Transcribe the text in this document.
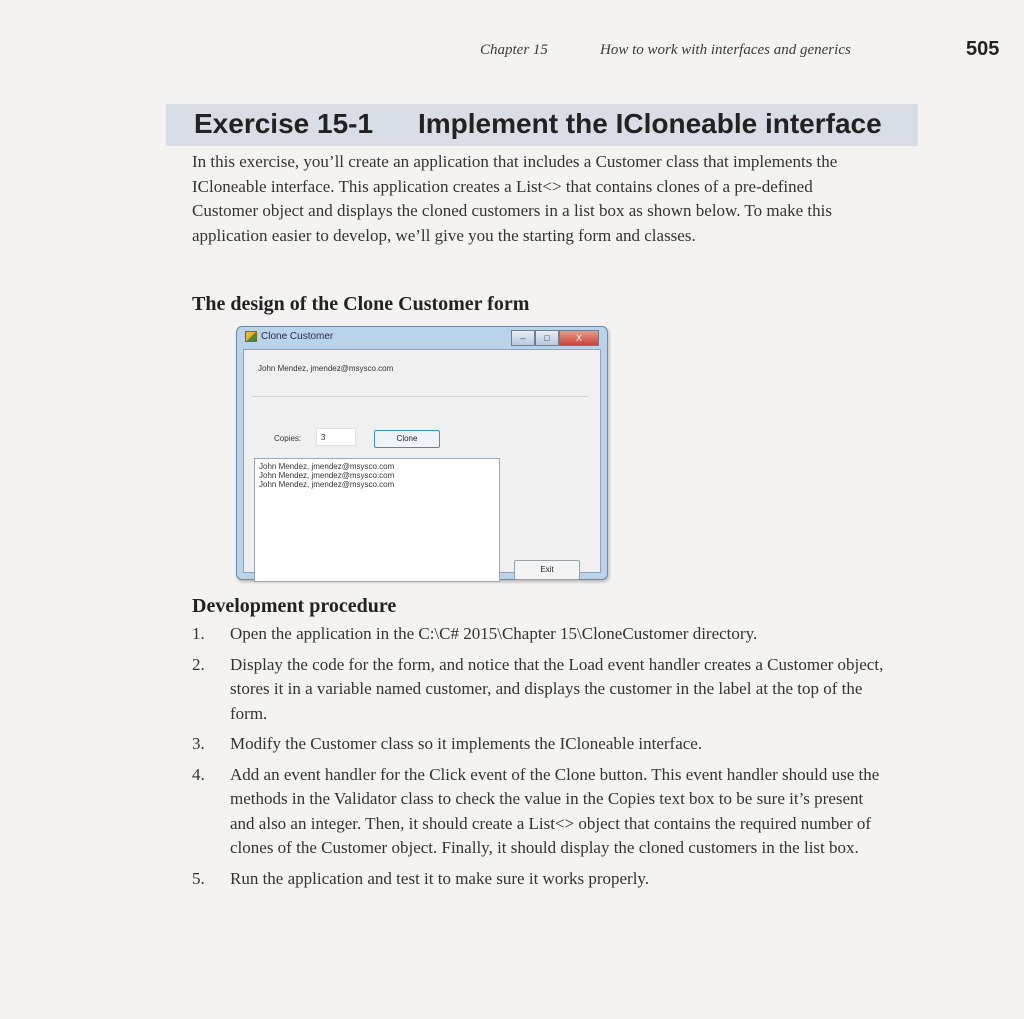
Chapter 15	How to work with interfaces and generics	505
Exercise 15-1 Implement the ICloneable interface

In this exercise, you’ll create an application that includes a Customer class that implements the ICloneable interface. This application creates a List<> that contains clones of a pre-defined Customer object and displays the cloned customers in a list box as shown below. To make this application easier to develop, we’ll give you the starting form and classes.

The design of the Clone Customer form
Clone Customer	–	□	X
John Mendez, jmendez@msysco.com
Copies:	3	Clone
John Mendez, jmendez@msysco.com
John Mendez, jmendez@msysco.com
John Mendez, jmendez@msysco.com
Exit
Development procedure
1. Open the application in the C:\C# 2015\Chapter 15\CloneCustomer directory.
2. Display the code for the form, and notice that the Load event handler creates a Customer object, stores it in a variable named customer, and displays the customer in the label at the top of the form.
3. Modify the Customer class so it implements the ICloneable interface.
4. Add an event handler for the Click event of the Clone button. This event handler should use the methods in the Validator class to check the value in the Copies text box to be sure it’s present and also an integer. Then, it should create a List<> object that contains the required number of clones of the Customer object. Finally, it should display the cloned customers in the list box.
5. Run the application and test it to make sure it works properly.
